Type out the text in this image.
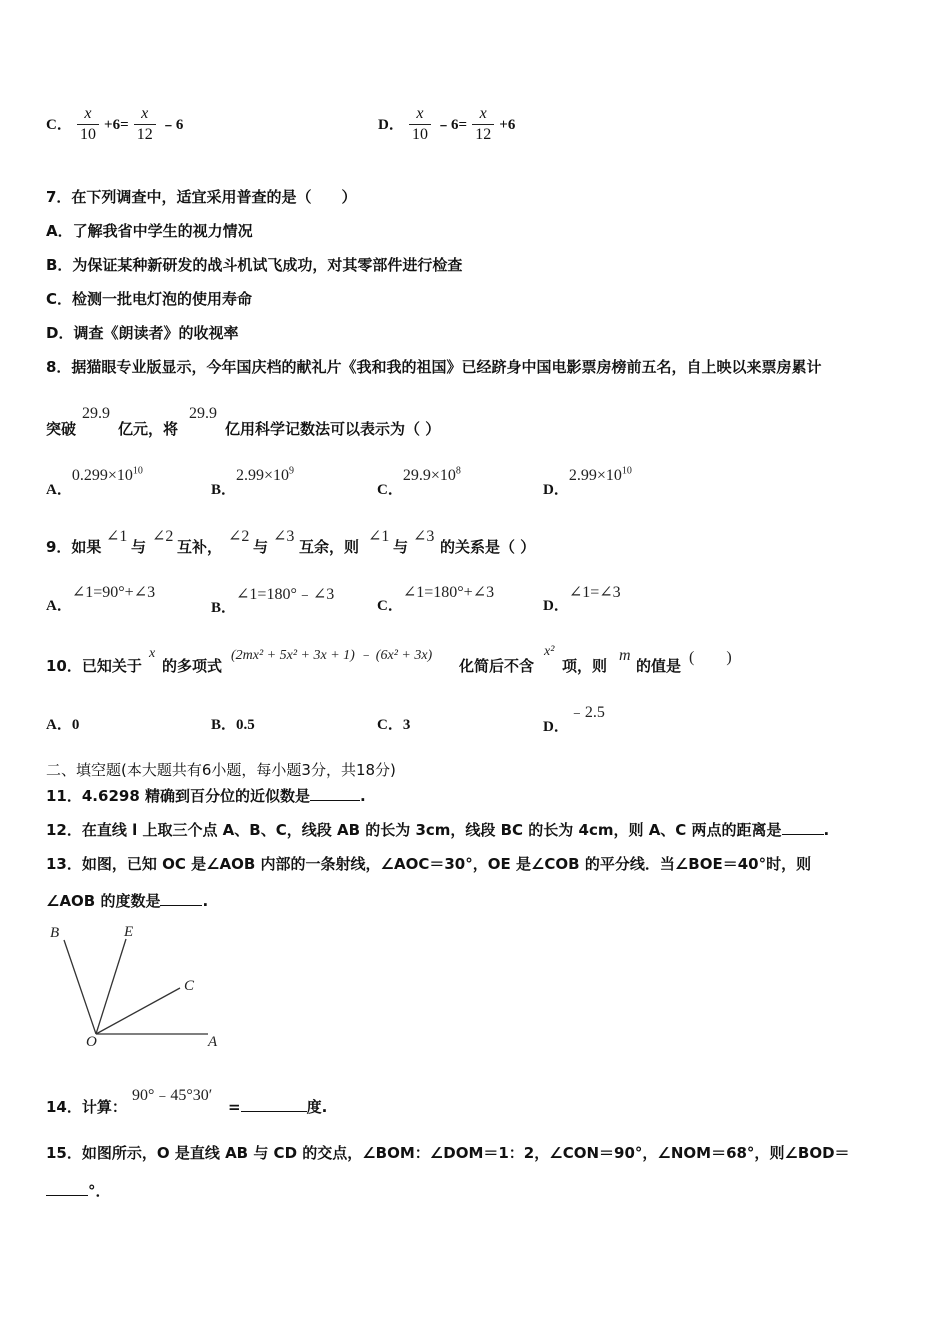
C． $\frac{x}{10} +6= \frac{x}{12}$ ﹣6	D． $\frac{x}{10}$ ﹣6= $\frac{x}{12} +6$
7．在下列调查中，适宜采用普查的是（　　）
A．了解我省中学生的视力情况
B．为保证某种新研发的战斗机试飞成功，对其零部件进行检查
C．检测一批电灯泡的使用寿命
D．调查《朗读者》的收视率
8．据猫眼专业版显示，今年国庆档的献礼片《我和我的祖国》已经跻身中国电影票房榜前五名，自上映以来票房累计
突破
29.9
亿元，将
29.9
亿用科学记数法可以表示为（ ）
A．$0.299\times 10^{10}$
B．$2.99\times 10^9$
C．$29.9\times 10^8$
D．$2.99\times 10^{10}$
9．如果
∠1
与
∠2
互补，
∠2
与
∠3
互余，则
∠1
与
∠3
的关系是（ ）
A．∠1=90°+∠3
B．∠1=180°﹣∠3
C．∠1=180°+∠3
D．∠1=∠3
10．已知关于
x
的多项式
(2mx² + 5x² + 3x + 1) ﹣ (6x² + 3x)
化简后不含
x²
项，则
m
的值是 (　　)
A．0	B．0.5	C．3	D．﹣2.5
二、填空题(本大题共有6小题，每小题3分，共18分)
11．4.6298 精确到百分位的近似数是	.
12．在直线 l 上取三个点 A、B、C，线段 AB 的长为 3cm，线段 BC 的长为 4cm，则 A、C 两点的距离是	.
13．如图，已知 OC 是∠AOB 内部的一条射线，∠AOC＝30°，OE 是∠COB 的平分线．当∠BOE＝40°时，则
∠AOB 的度数是	.
B	E
C
O	A
14．计算：
90°﹣45°30′
=	度.
15．如图所示，O 是直线 AB 与 CD 的交点，∠BOM：∠DOM＝1：2，∠CON＝90°，∠NOM＝68°，则∠BOD＝
°．
